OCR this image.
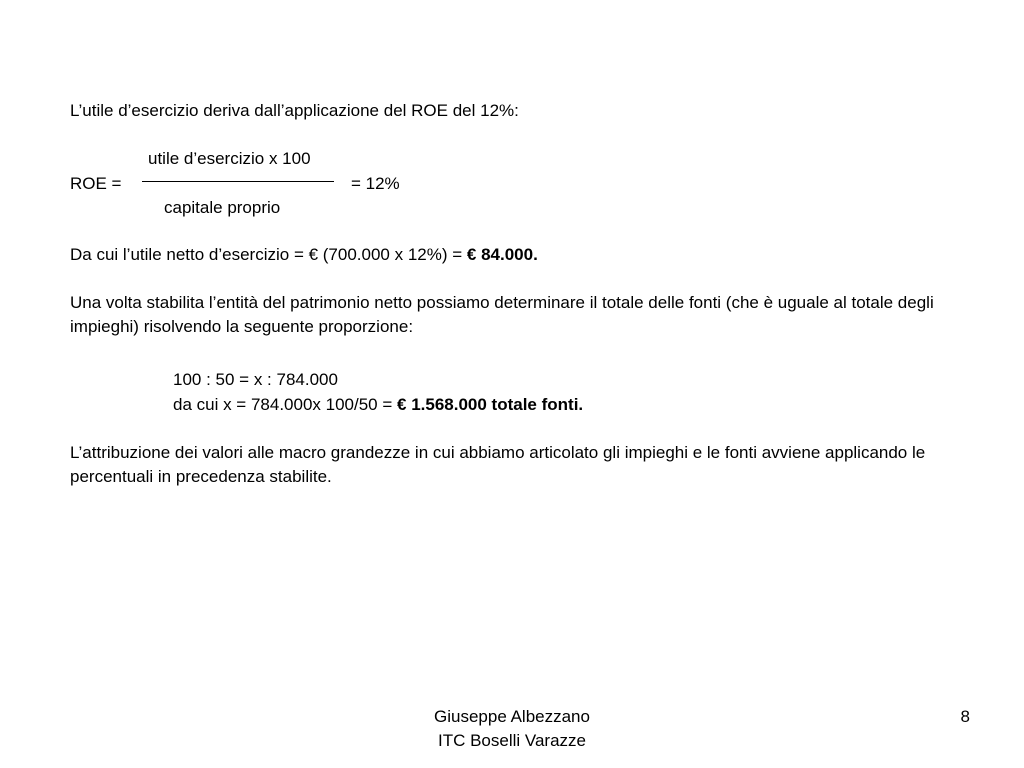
L’utile d’esercizio deriva dall’applicazione del ROE del 12%:
utile d’esercizio x 100
ROE =	= 12%
capitale proprio
Da cui l’utile netto d’esercizio = € (700.000 x 12%) = € 84.000.
Una volta stabilita l’entità del patrimonio netto possiamo determinare il totale delle fonti (che è uguale al totale degli impieghi) risolvendo la seguente proporzione:
100 : 50 = x : 784.000
da cui x = 784.000x 100/50 = € 1.568.000 totale fonti.
L’attribuzione dei valori alle macro grandezze in cui abbiamo articolato gli impieghi e le fonti avviene applicando le percentuali in precedenza stabilite.
Giuseppe Albezzano
ITC Boselli Varazze
8
